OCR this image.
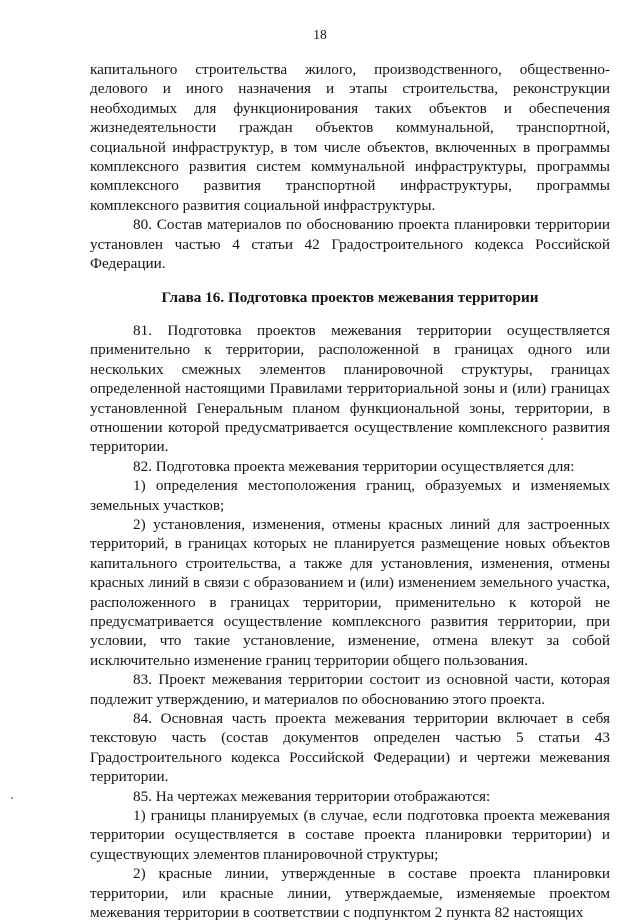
18

капитального строительства жилого, производственного, общественно-делового и иного назначения и этапы строительства, реконструкции необходимых для функционирования таких объектов и обеспечения жизнедеятельности граждан объектов коммунальной, транспортной, социальной инфраструктур, в том числе объектов, включенных в программы комплексного развития систем коммунальной инфраструктуры, программы комплексного развития транспортной инфраструктуры, программы комплексного развития социальной инфраструктуры.

80. Состав материалов по обоснованию проекта планировки территории установлен частью 4 статьи 42 Градостроительного кодекса Российской Федерации.

Глава 16. Подготовка проектов межевания территории

81. Подготовка проектов межевания территории осуществляется применительно к территории, расположенной в границах одного или нескольких смежных элементов планировочной структуры, границах определенной настоящими Правилами территориальной зоны и (или) границах установленной Генеральным планом функциональной зоны, территории, в отношении которой предусматривается осуществление комплексного развития территории.

82. Подготовка проекта межевания территории осуществляется для:

1) определения местоположения границ, образуемых и изменяемых земельных участков;

2) установления, изменения, отмены красных линий для застроенных территорий, в границах которых не планируется размещение новых объектов капитального строительства, а также для установления, изменения, отмены красных линий в связи с образованием и (или) изменением земельного участка, расположенного в границах территории, применительно к которой не предусматривается осуществление комплексного развития территории, при условии, что такие установление, изменение, отмена влекут за собой исключительно изменение границ территории общего пользования.

83. Проект межевания территории состоит из основной части, которая подлежит утверждению, и материалов по обоснованию этого проекта.

84. Основная часть проекта межевания территории включает в себя текстовую часть (состав документов определен частью 5 статьи 43 Градостроительного кодекса Российской Федерации) и чертежи межевания территории.

85. На чертежах межевания территории отображаются:

1) границы планируемых (в случае, если подготовка проекта межевания территории осуществляется в составе проекта планировки территории) и существующих элементов планировочной структуры;

2) красные линии, утвержденные в составе проекта планировки территории, или красные линии, утверждаемые, изменяемые проектом межевания территории в соответствии с подпунктом 2 пункта 82 настоящих
